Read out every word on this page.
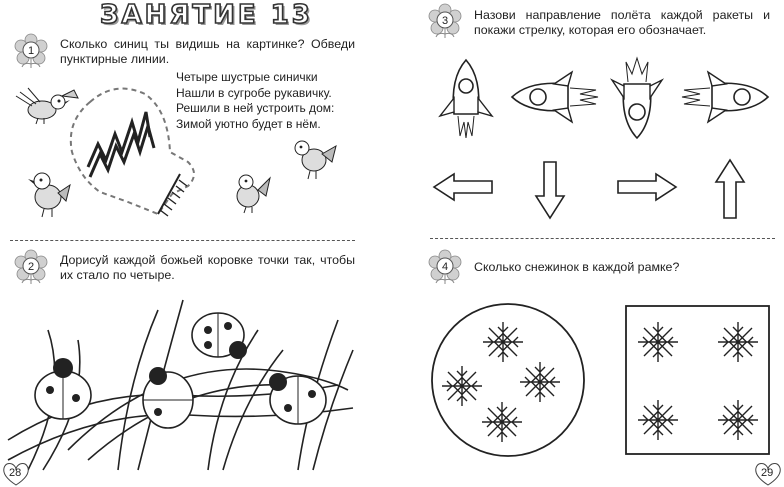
ЗАНЯТИЕ 13
1 Сколько синиц ты видишь на картинке? Обведи пунктирные линии.
Четыре шустрые синички
Нашли в сугробе рукавичку.
Решили в ней устроить дом:
Зимой уютно будет в нём.
2 Дорисуй каждой божьей коровке точки так, чтобы их стало по четыре.
28
3 Назови направление полёта каждой ракеты и покажи стрелку, которая его обозначает.
4 Сколько снежинок в каждой рамке?
29
